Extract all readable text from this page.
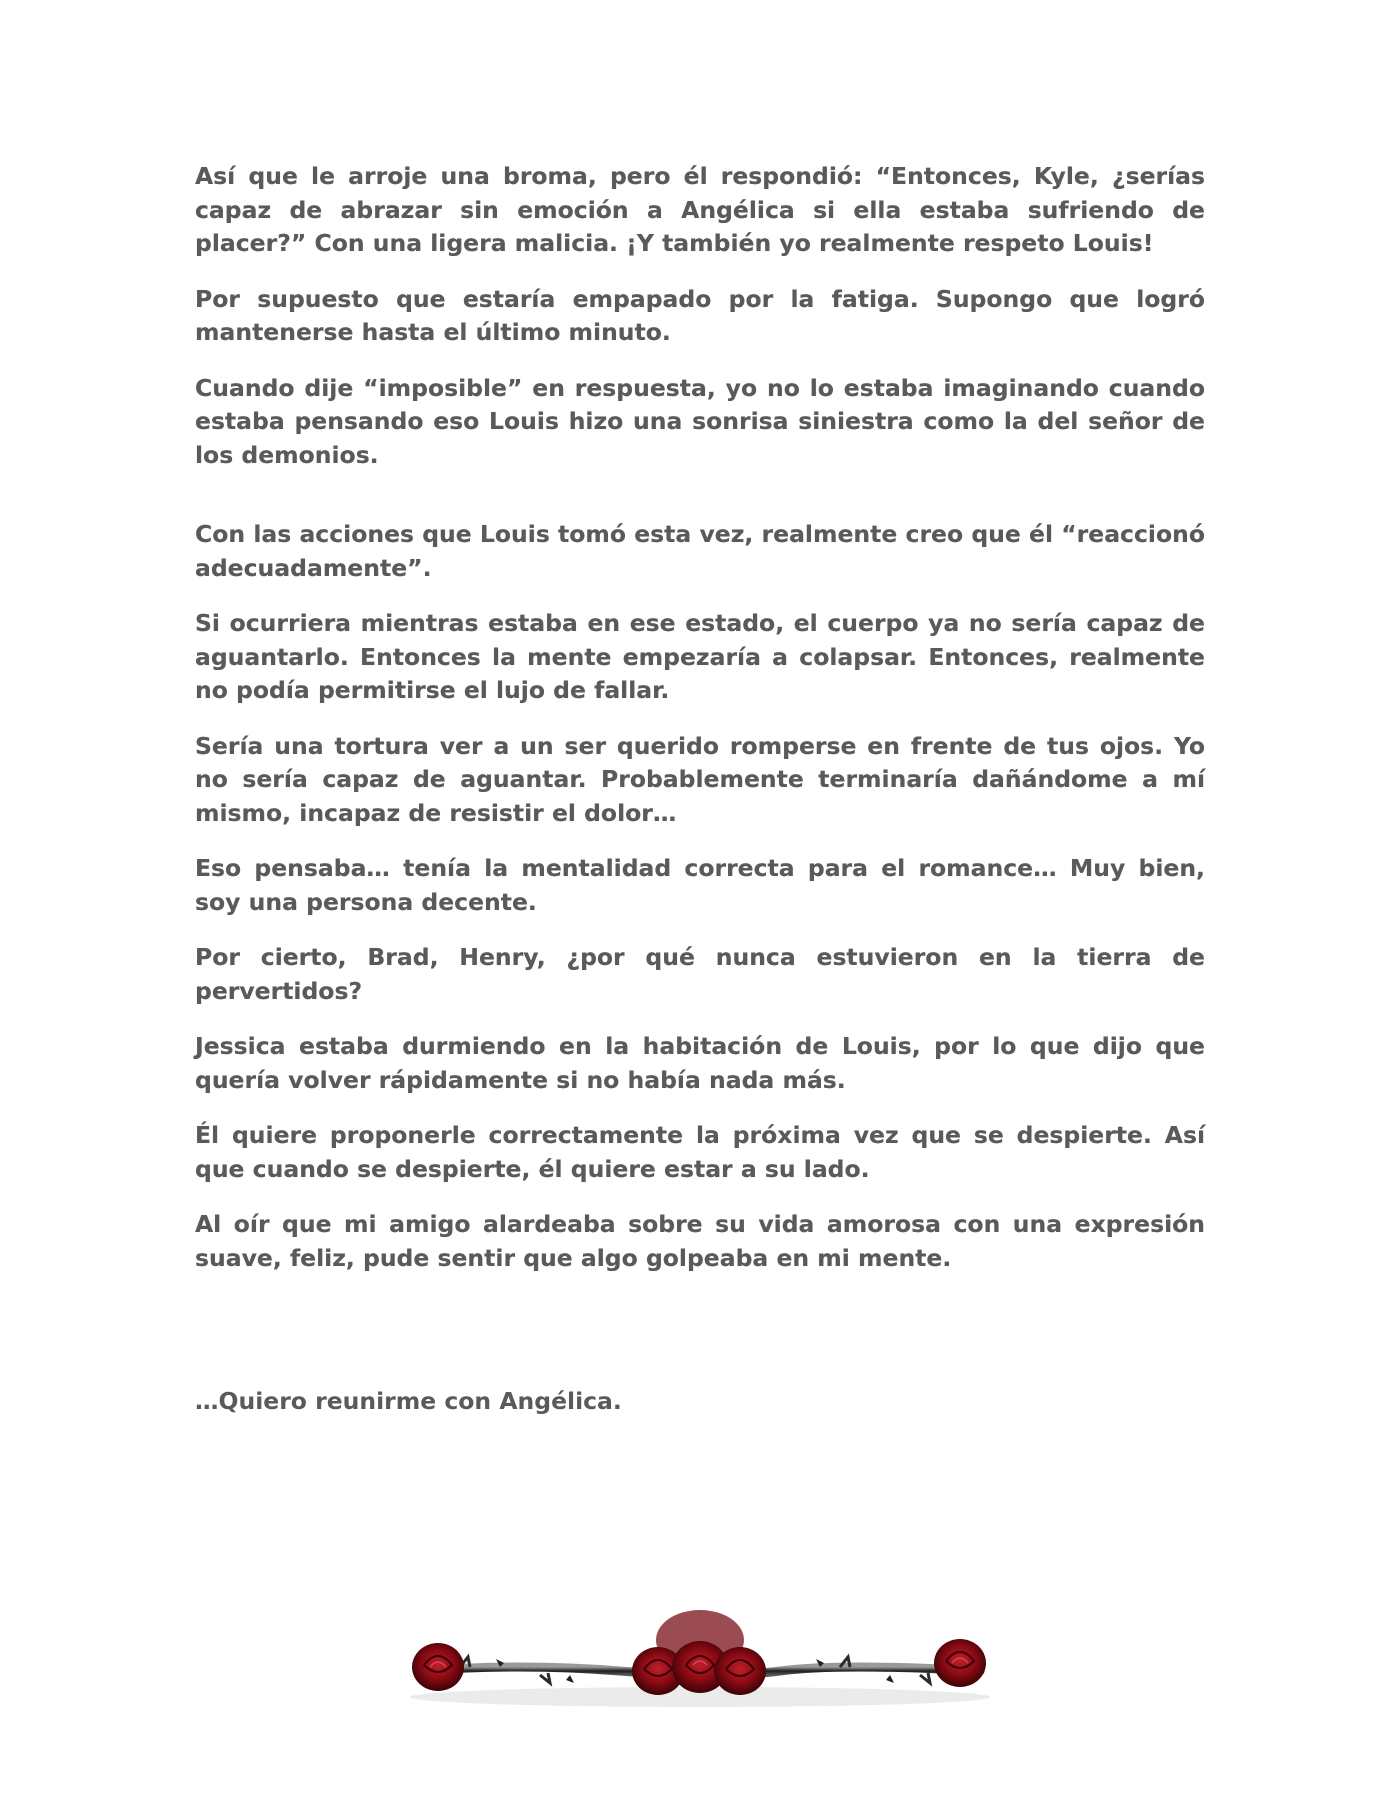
Así que le arroje una broma, pero él respondió: “Entonces, Kyle, ¿serías capaz de abrazar sin emoción a Angélica si ella estaba sufriendo de placer?” Con una ligera malicia. ¡Y también yo realmente respeto Louis!

Por supuesto que estaría empapado por la fatiga. Supongo que logró mantenerse hasta el último minuto.

Cuando dije “imposible” en respuesta, yo no lo estaba imaginando cuando estaba pensando eso Louis hizo una sonrisa siniestra como la del señor de los demonios.

Con las acciones que Louis tomó esta vez, realmente creo que él “reaccionó adecuadamente”.

Si ocurriera mientras estaba en ese estado, el cuerpo ya no sería capaz de aguantarlo. Entonces la mente empezaría a colapsar. Entonces, realmente no podía permitirse el lujo de fallar.

Sería una tortura ver a un ser querido romperse en frente de tus ojos. Yo no sería capaz de aguantar. Probablemente terminaría dañándome a mí mismo, incapaz de resistir el dolor…

Eso pensaba… tenía la mentalidad correcta para el romance… Muy bien, soy una persona decente.

Por cierto, Brad, Henry, ¿por qué nunca estuvieron en la tierra de pervertidos?

Jessica estaba durmiendo en la habitación de Louis, por lo que dijo que quería volver rápidamente si no había nada más.

Él quiere proponerle correctamente la próxima vez que se despierte. Así que cuando se despierte, él quiere estar a su lado.

Al oír que mi amigo alardeaba sobre su vida amorosa con una expresión suave, feliz, pude sentir que algo golpeaba en mi mente.

…Quiero reunirme con Angélica.
